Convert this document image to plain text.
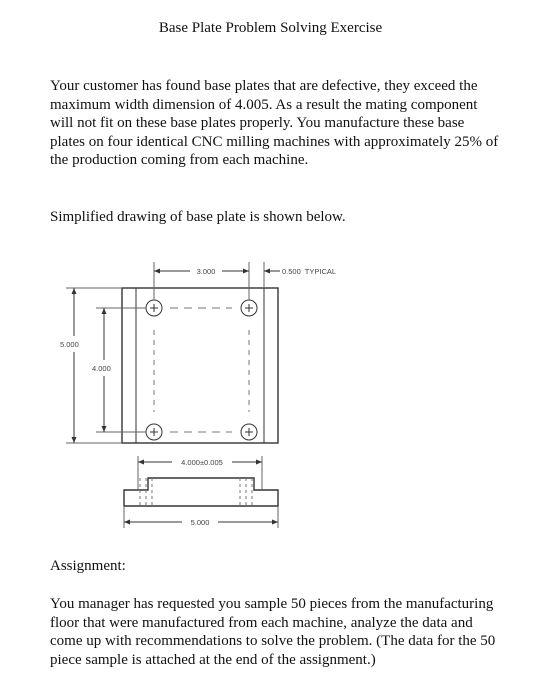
Base Plate Problem Solving Exercise

Your customer has found base plates that are defective, they exceed the maximum width dimension of 4.005. As a result the mating component will not fit on these base plates properly. You manufacture these base plates on four identical CNC milling machines with approximately 25% of the production coming from each machine.

Simplified drawing of base plate is shown below.

3.000	0.500  TYPICAL
5.000
4.000
4.000±0.005
5.000

Assignment:

You manager has requested you sample 50 pieces from the manufacturing floor that were manufactured from each machine, analyze the data and come up with recommendations to solve the problem. (The data for the 50 piece sample is attached at the end of the assignment.)
